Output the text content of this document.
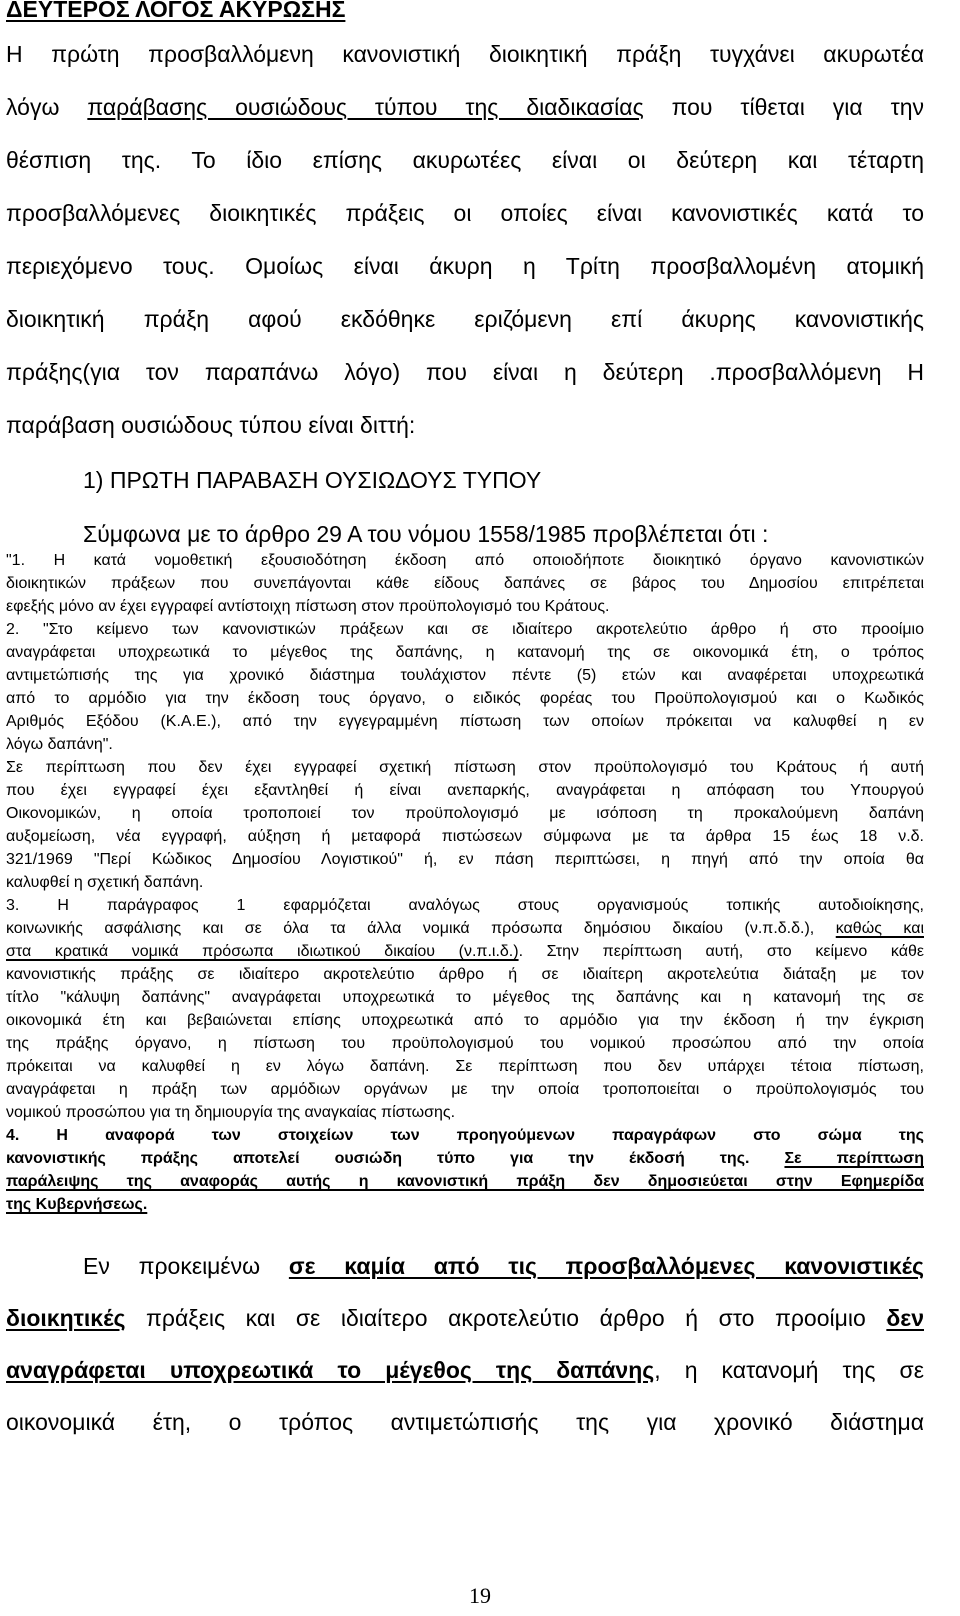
ΔΕΥΤΕΡΟΣ ΛΟΓΟΣ ΑΚΥΡΩΣΗΣ
Η πρώτη προσβαλλόμενη κανονιστική διοικητική πράξη τυγχάνει ακυρωτέα
λόγω παράβασης ουσιώδους τύπου της διαδικασίας που τίθεται για την
θέσπιση της. Το ίδιο επίσης ακυρωτέες είναι οι δεύτερη και τέταρτη
προσβαλλόμενες διοικητικές πράξεις οι οποίες είναι κανονιστικές κατά το
περιεχόμενο τους. Ομοίως είναι άκυρη η Τρίτη προσβαλλομένη ατομική
διοικητική πράξη αφού εκδόθηκε εριζόμενη επί άκυρης κανονιστικής
πράξης(για τον παραπάνω λόγο) που είναι η δεύτερη .προσβαλλόμενη Η
παράβαση ουσιώδους τύπου είναι διττή:
1) ΠΡΩΤΗ ΠΑΡΑΒΑΣΗ ΟΥΣΙΩΔΟΥΣ ΤΥΠΟΥ
Σύμφωνα με το άρθρο 29 Α του νόμου 1558/1985 προβλέπεται ότι :
"1. Η κατά νομοθετική εξουσιοδότηση έκδοση από οποιοδήποτε διοικητικό όργανο κανονιστικών
διοικητικών πράξεων που συνεπάγονται κάθε είδους δαπάνες σε βάρος του Δημοσίου επιτρέπεται
εφεξής μόνο αν έχει εγγραφεί αντίστοιχη πίστωση στον προϋπολογισμό του Κράτους.
2. "Στο κείμενο των κανονιστικών πράξεων και σε ιδιαίτερο ακροτελεύτιο άρθρο ή στο προοίμιο
αναγράφεται υποχρεωτικά το μέγεθος της δαπάνης, η κατανομή της σε οικονομικά έτη, ο τρόπος
αντιμετώπισής της για χρονικό διάστημα τουλάχιστον πέντε (5) ετών και αναφέρεται υποχρεωτικά
από το αρμόδιο για την έκδοση τους όργανο, ο ειδικός φορέας του Προϋπολογισμού και ο Κωδικός
Αριθμός Εξόδου (Κ.Α.Ε.), από την εγγεγραμμένη πίστωση των οποίων πρόκειται να καλυφθεί η εν
λόγω δαπάνη".
Σε περίπτωση που δεν έχει εγγραφεί σχετική πίστωση στον προϋπολογισμό του Κράτους ή αυτή
που έχει εγγραφεί έχει εξαντληθεί ή είναι ανεπαρκής, αναγράφεται η απόφαση του Υπουργού
Οικονομικών, η οποία τροποποιεί τον προϋπολογισμό με ισόποση τη προκαλούμενη δαπάνη
αυξομείωση, νέα εγγραφή, αύξηση ή μεταφορά πιστώσεων σύμφωνα με τα άρθρα 15 έως 18 ν.δ.
321/1969 "Περί Κώδικος Δημοσίου Λογιστικού" ή, εν πάση περιπτώσει, η πηγή από την οποία θα
καλυφθεί η σχετική δαπάνη.
3. Η παράγραφος 1 εφαρμόζεται αναλόγως στους οργανισμούς τοπικής αυτοδιοίκησης,
κοινωνικής ασφάλισης και σε όλα τα άλλα νομικά πρόσωπα δημόσιου δικαίου (ν.π.δ.δ.), καθώς και
στα κρατικά νομικά πρόσωπα ιδιωτικού δικαίου (ν.π.ι.δ.). Στην περίπτωση αυτή, στο κείμενο κάθε
κανονιστικής πράξης σε ιδιαίτερο ακροτελεύτιο άρθρο ή σε ιδιαίτερη ακροτελεύτια διάταξη με τον
τίτλο "κάλυψη δαπάνης" αναγράφεται υποχρεωτικά το μέγεθος της δαπάνης και η κατανομή της σε
οικονομικά έτη και βεβαιώνεται επίσης υποχρεωτικά από το αρμόδιο για την έκδοση ή την έγκριση
της πράξης όργανο, η πίστωση του προϋπολογισμού του νομικού προσώπου από την οποία
πρόκειται να καλυφθεί η εν λόγω δαπάνη. Σε περίπτωση που δεν υπάρχει τέτοια πίστωση,
αναγράφεται η πράξη των αρμόδιων οργάνων με την οποία τροποποιείται ο προϋπολογισμός του
νομικού προσώπου για τη δημιουργία της αναγκαίας πίστωσης.
4. Η αναφορά των στοιχείων των προηγούμενων παραγράφων στο σώμα της
κανονιστικής πράξης αποτελεί ουσιώδη τύπο για την έκδοσή της. Σε περίπτωση
παράλειψης της αναφοράς αυτής η κανονιστική πράξη δεν δημοσιεύεται στην Εφημερίδα
της Κυβερνήσεως.
Εν προκειμένω σε καμία από τις προσβαλλόμενες κανονιστικές
διοικητικές πράξεις και σε ιδιαίτερο ακροτελεύτιο άρθρο ή στο προοίμιο δεν
αναγράφεται υποχρεωτικά το μέγεθος της δαπάνης, η κατανομή της σε
οικονομικά έτη, ο τρόπος αντιμετώπισής της για χρονικό διάστημα
19
